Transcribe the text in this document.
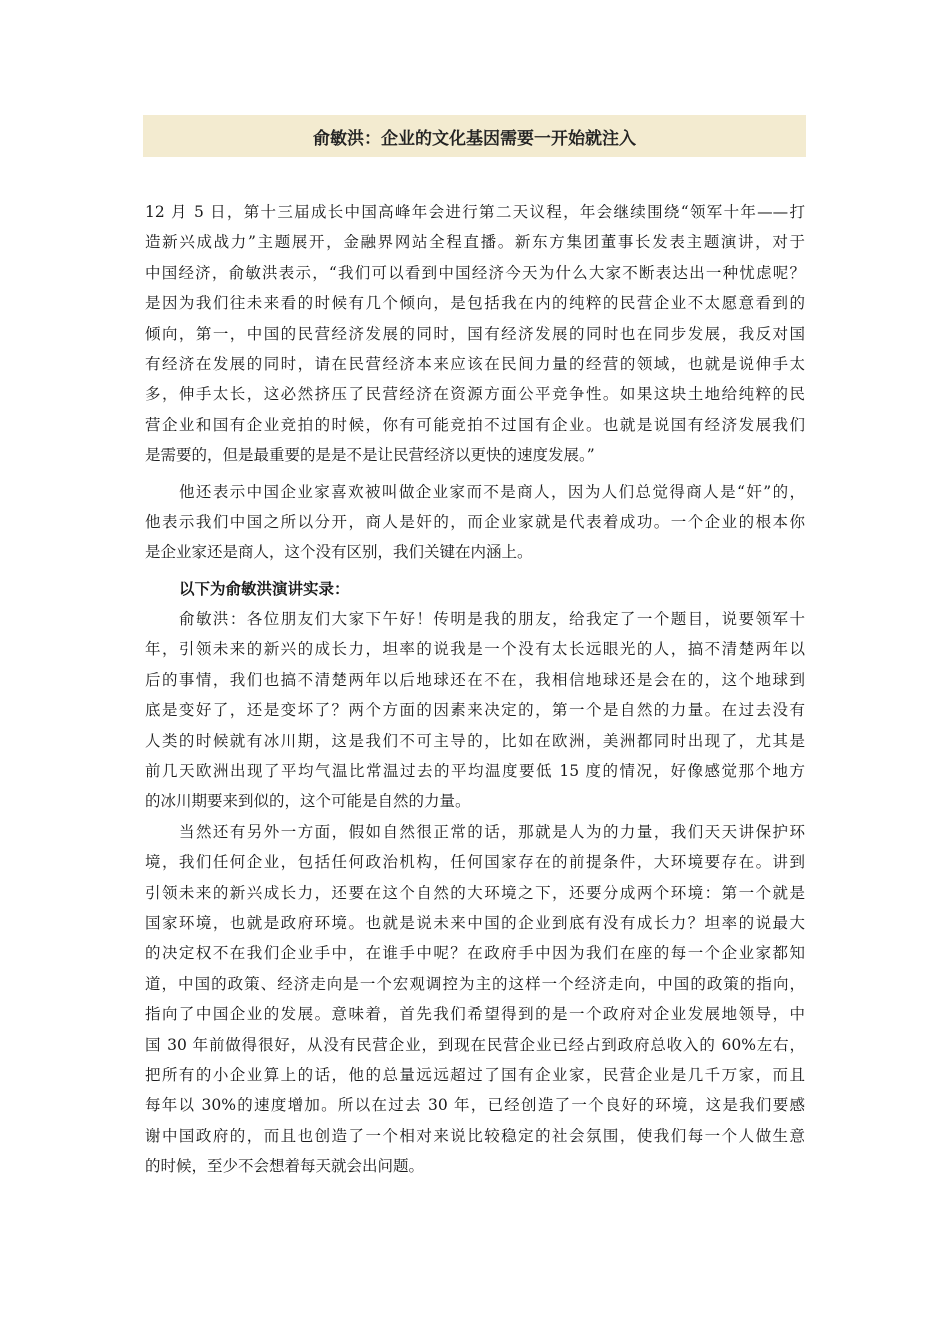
俞敏洪：企业的文化基因需要一开始就注入
12 月 5 日，第十三届成长中国高峰年会进行第二天议程，年会继续围绕“领军十年——打
造新兴成战力”主题展开，金融界网站全程直播。新东方集团董事长发表主题演讲，对于
中国经济，俞敏洪表示，“我们可以看到中国经济今天为什么大家不断表达出一种忧虑呢？
是因为我们往未来看的时候有几个倾向，是包括我在内的纯粹的民营企业不太愿意看到的
倾向，第一，中国的民营经济发展的同时，国有经济发展的同时也在同步发展，我反对国
有经济在发展的同时，请在民营经济本来应该在民间力量的经营的领域，也就是说伸手太
多，伸手太长，这必然挤压了民营经济在资源方面公平竞争性。如果这块土地给纯粹的民
营企业和国有企业竞拍的时候，你有可能竞拍不过国有企业。也就是说国有经济发展我们
是需要的，但是最重要的是是不是让民营经济以更快的速度发展。”
他还表示中国企业家喜欢被叫做企业家而不是商人，因为人们总觉得商人是“奸”的，
他表示我们中国之所以分开，商人是奸的，而企业家就是代表着成功。一个企业的根本你
是企业家还是商人，这个没有区别，我们关键在内涵上。
以下为俞敏洪演讲实录：
俞敏洪：各位朋友们大家下午好！传明是我的朋友，给我定了一个题目，说要领军十
年，引领未来的新兴的成长力，坦率的说我是一个没有太长远眼光的人，搞不清楚两年以
后的事情，我们也搞不清楚两年以后地球还在不在，我相信地球还是会在的，这个地球到
底是变好了，还是变坏了？两个方面的因素来决定的，第一个是自然的力量。在过去没有
人类的时候就有冰川期，这是我们不可主导的，比如在欧洲，美洲都同时出现了，尤其是
前几天欧洲出现了平均气温比常温过去的平均温度要低 15 度的情况，好像感觉那个地方
的冰川期要来到似的，这个可能是自然的力量。
当然还有另外一方面，假如自然很正常的话，那就是人为的力量，我们天天讲保护环
境，我们任何企业，包括任何政治机构，任何国家存在的前提条件，大环境要存在。讲到
引领未来的新兴成长力，还要在这个自然的大环境之下，还要分成两个环境：第一个就是
国家环境，也就是政府环境。也就是说未来中国的企业到底有没有成长力？坦率的说最大
的决定权不在我们企业手中，在谁手中呢？在政府手中因为我们在座的每一个企业家都知
道，中国的政策、经济走向是一个宏观调控为主的这样一个经济走向，中国的政策的指向，
指向了中国企业的发展。意味着，首先我们希望得到的是一个政府对企业发展地领导，中
国 30 年前做得很好，从没有民营企业，到现在民营企业已经占到政府总收入的 60%左右，
把所有的小企业算上的话，他的总量远远超过了国有企业家，民营企业是几千万家，而且
每年以 30%的速度增加。所以在过去 30 年，已经创造了一个良好的环境，这是我们要感
谢中国政府的，而且也创造了一个相对来说比较稳定的社会氛围，使我们每一个人做生意
的时候，至少不会想着每天就会出问题。
